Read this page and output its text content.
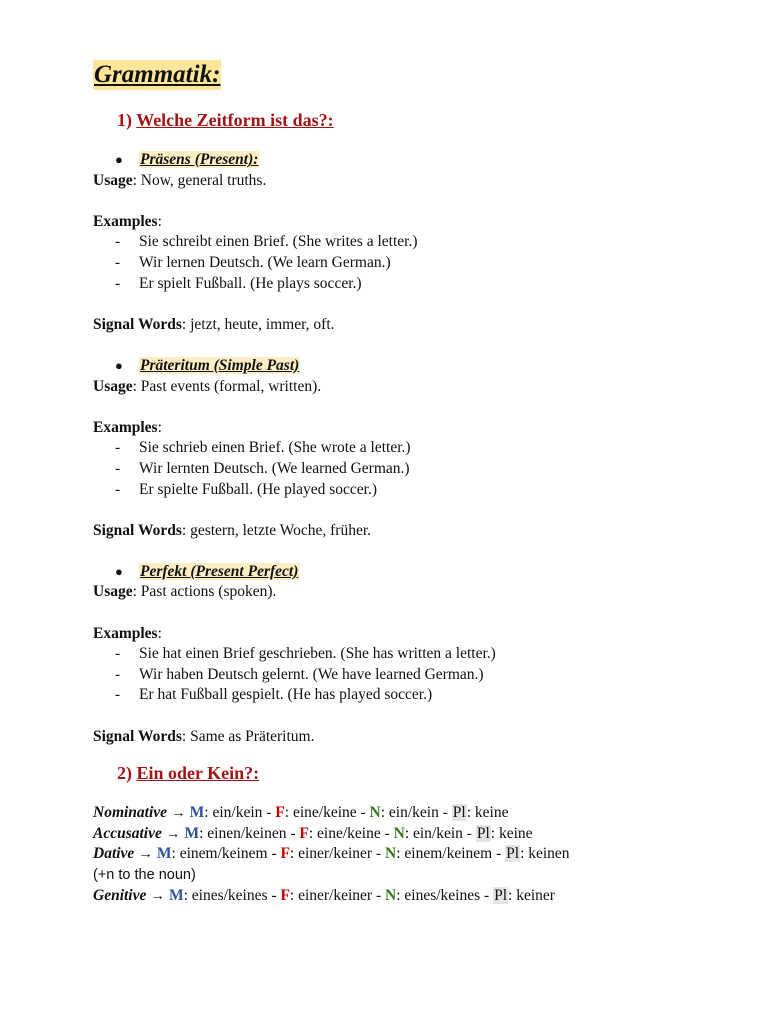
Grammatik:
1) Welche Zeitform ist das?:
● Präsens (Present):
Usage: Now, general truths.
Examples:
- Sie schreibt einen Brief. (She writes a letter.)
- Wir lernen Deutsch. (We learn German.)
- Er spielt Fußball. (He plays soccer.)
Signal Words: jetzt, heute, immer, oft.
● Präteritum (Simple Past)
Usage: Past events (formal, written).
Examples:
- Sie schrieb einen Brief. (She wrote a letter.)
- Wir lernten Deutsch. (We learned German.)
- Er spielte Fußball. (He played soccer.)
Signal Words: gestern, letzte Woche, früher.
● Perfekt (Present Perfect)
Usage: Past actions (spoken).
Examples:
- Sie hat einen Brief geschrieben. (She has written a letter.)
- Wir haben Deutsch gelernt. (We have learned German.)
- Er hat Fußball gespielt. (He has played soccer.)
Signal Words: Same as Präteritum.
2) Ein oder Kein?:
Nominative → M: ein/kein - F: eine/keine - N: ein/kein - Pl: keine
Accusative → M: einen/keinen - F: eine/keine - N: ein/kein - Pl: keine
Dative → M: einem/keinem - F: einer/keiner - N: einem/keinem - Pl: keinen
(+n to the noun)
Genitive → M: eines/keines - F: einer/keiner - N: eines/keines - Pl: keiner
